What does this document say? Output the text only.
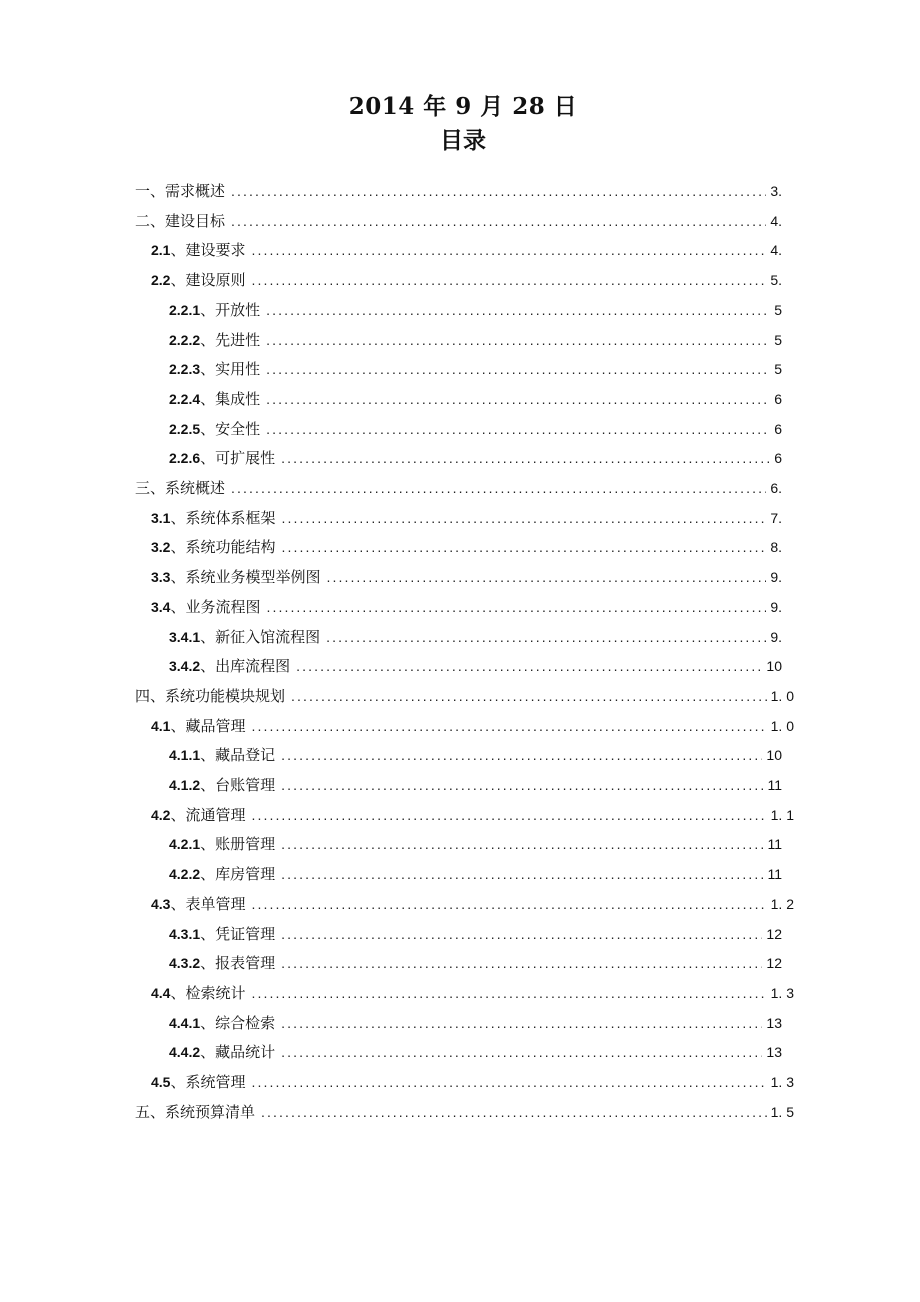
2014 年 9 月 28 日
目录
一、需求概述 .....	3.
二、建设目标 .....	4.
2.1 、建设要求 .....	4.
2.2 、建设原则 .....	5.
2.2.1 、开放性 .....	5
2.2.2 、先进性 .....	5
2.2.3 、实用性 .....	5
2.2.4 、集成性 .....	6
2.2.5 、安全性 .....	6
2.2.6 、可扩展性 .....	6
三、系统概述 .....	6.
3.1 、系统体系框架 .....	7.
3.2 、系统功能结构 .....	8.
3.3 、系统业务模型举例图 .....	9.
3.4 、业务流程图 .....	9.
3.4.1 、新征入馆流程图 .....	9.
3.4.2 、出库流程图 .....	10
四、系统功能模块规划 .....	1. 0
4.1 、藏品管理 .....	1. 0
4.1.1 、藏品登记 .....	10
4.1.2 、台账管理 .....	11
4.2 、流通管理 .....	1. 1
4.2.1 、账册管理 .....	11
4.2.2 、库房管理 .....	11
4.3 、表单管理 .....	1. 2
4.3.1 、凭证管理 .....	12
4.3.2 、报表管理 .....	12
4.4 、检索统计 .....	1. 3
4.4.1 、综合检索 .....	13
4.4.2 、藏品统计 .....	13
4.5 、系统管理 .....	1. 3
五、系统预算清单 .....	1. 5
